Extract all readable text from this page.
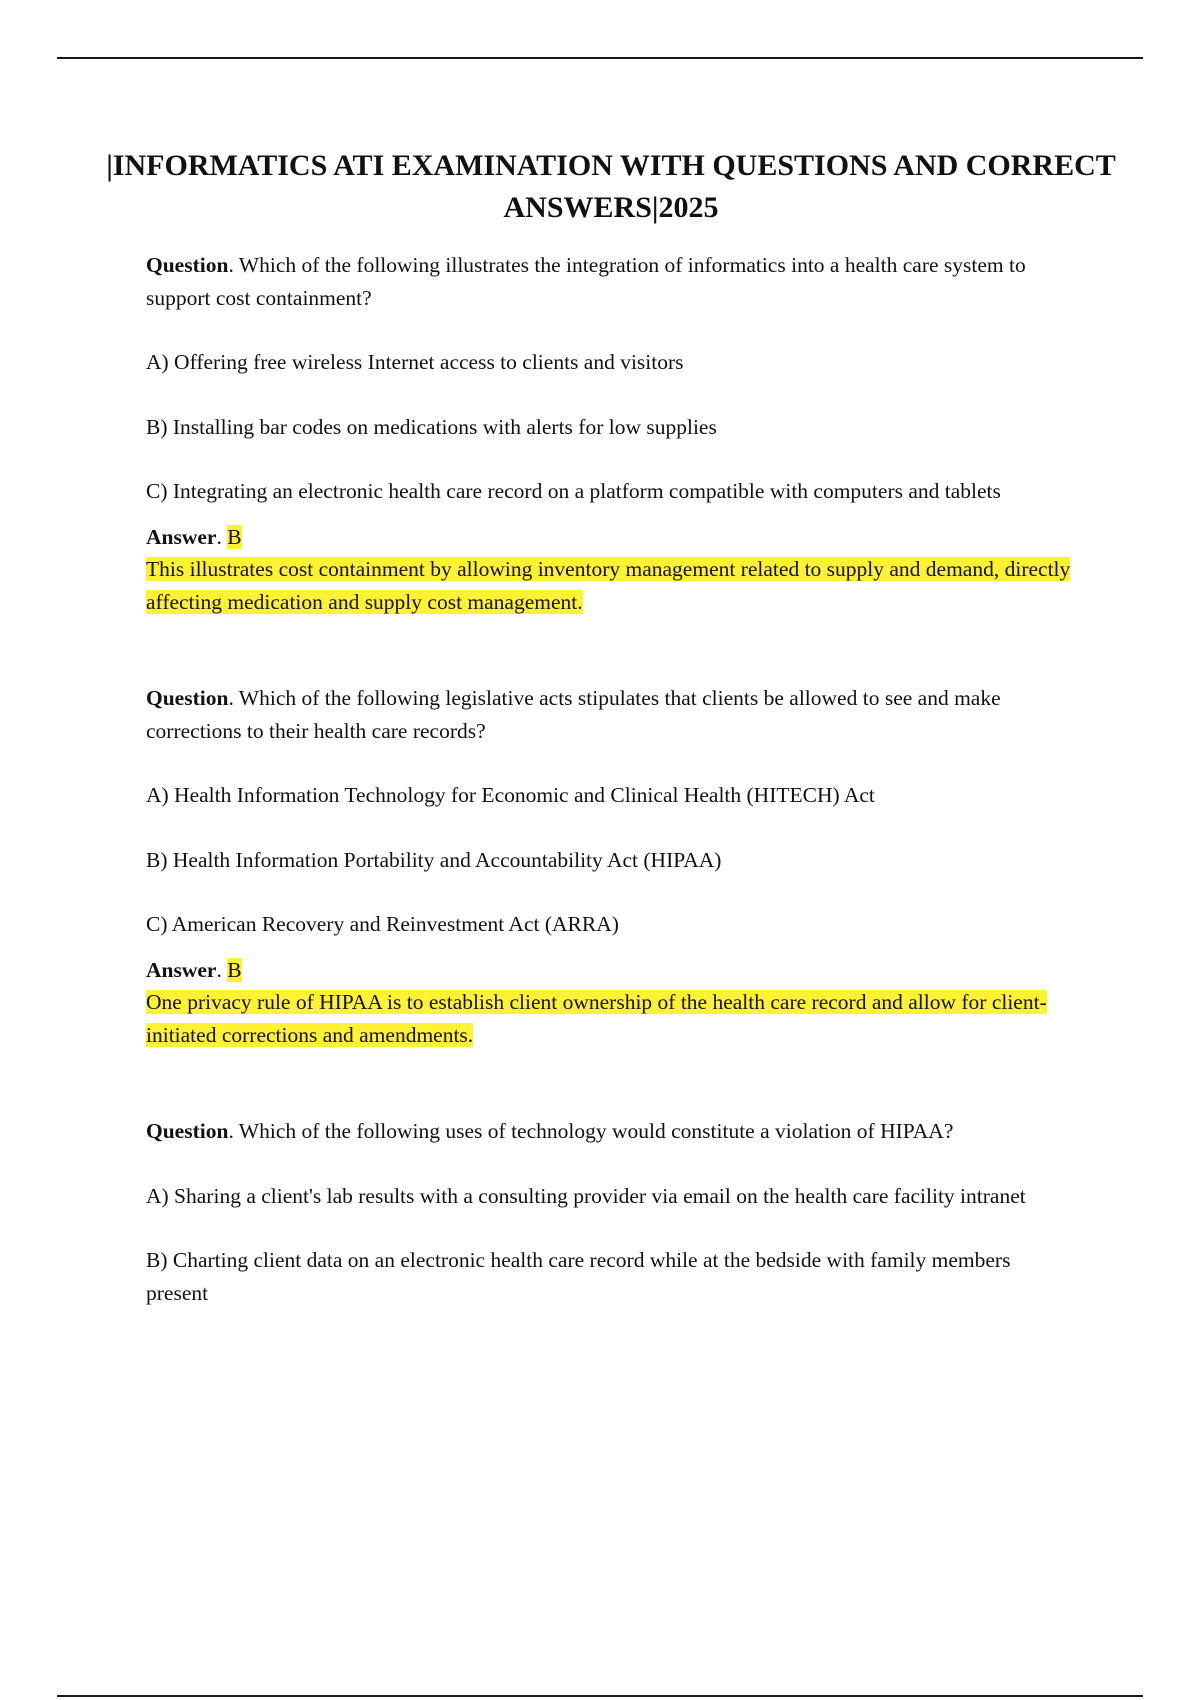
|INFORMATICS ATI EXAMINATION WITH QUESTIONS AND CORRECT ANSWERS|2025

Question. Which of the following illustrates the integration of informatics into a health care system to support cost containment?

A) Offering free wireless Internet access to clients and visitors

B) Installing bar codes on medications with alerts for low supplies

C) Integrating an electronic health care record on a platform compatible with computers and tablets

Answer. B

This illustrates cost containment by allowing inventory management related to supply and demand, directly affecting medication and supply cost management.

Question. Which of the following legislative acts stipulates that clients be allowed to see and make corrections to their health care records?

A) Health Information Technology for Economic and Clinical Health (HITECH) Act

B) Health Information Portability and Accountability Act (HIPAA)

C) American Recovery and Reinvestment Act (ARRA)

Answer. B

One privacy rule of HIPAA is to establish client ownership of the health care record and allow for client-initiated corrections and amendments.

Question. Which of the following uses of technology would constitute a violation of HIPAA?

A) Sharing a client's lab results with a consulting provider via email on the health care facility intranet

B) Charting client data on an electronic health care record while at the bedside with family members present
